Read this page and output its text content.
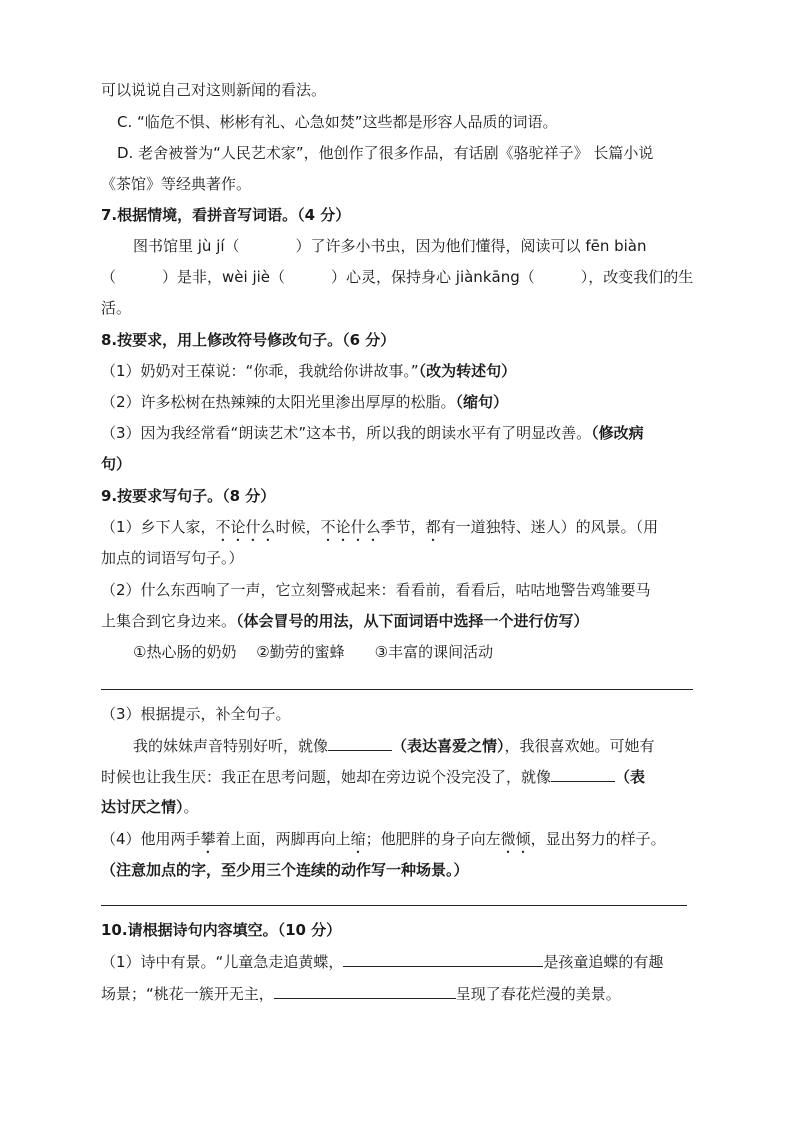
可以说说自己对这则新闻的看法。
C. “临危不惧、彬彬有礼、心急如焚”这些都是形容人品质的词语。
D. 老舍被誉为“人民艺术家”，他创作了很多作品，有话剧《骆驼祥子》 长篇小说
《茶馆》等经典著作。
7.根据情境，看拼音写词语。（4 分）
图书馆里 jù jí（	）了许多小书虫，因为他们懂得，阅读可以 fēn biàn
（	）是非，wèi jiè（	）心灵，保持身心 jiànkāng（	），改变我们的生
活。
8.按要求，用上修改符号修改句子。（6 分）
（1）奶奶对王葆说：“你乖，我就给你讲故事。”（改为转述句）
（2）许多松树在热辣辣的太阳光里渗出厚厚的松脂。（缩句）
（3）因为我经常看“朗读艺术”这本书，所以我的朗读水平有了明显改善。（修改病
句）
9.按要求写句子。（8 分）
（1）乡下人家，不论什么时候，不论什么季节，都有一道独特、迷人）的风景。（用
加点的词语写句子。）
（2）什么东西响了一声，它立刻警戒起来：看看前，看看后，咕咕地警告鸡雏要马
上集合到它身边来。（体会冒号的用法，从下面词语中选择一个进行仿写）
①热心肠的奶奶　 ②勤劳的蜜蜂　　③丰富的课间活动
（3）根据提示，补全句子。
我的妹妹声音特别好听，就像	（表达喜爱之情），我很喜欢她。可她有
时候也让我生厌：我正在思考问题，她却在旁边说个没完没了，就像	（表
达讨厌之情）。
（4）他用两手攀着上面，两脚再向上缩；他肥胖的身子向左微倾，显出努力的样子。
（注意加点的字，至少用三个连续的动作写一种场景。）
10.请根据诗句内容填空。（10 分）
（1）诗中有景。“儿童急走追黄蝶，	是孩童追蝶的有趣
场景；“桃花一簇开无主，	呈现了春花烂漫的美景。
